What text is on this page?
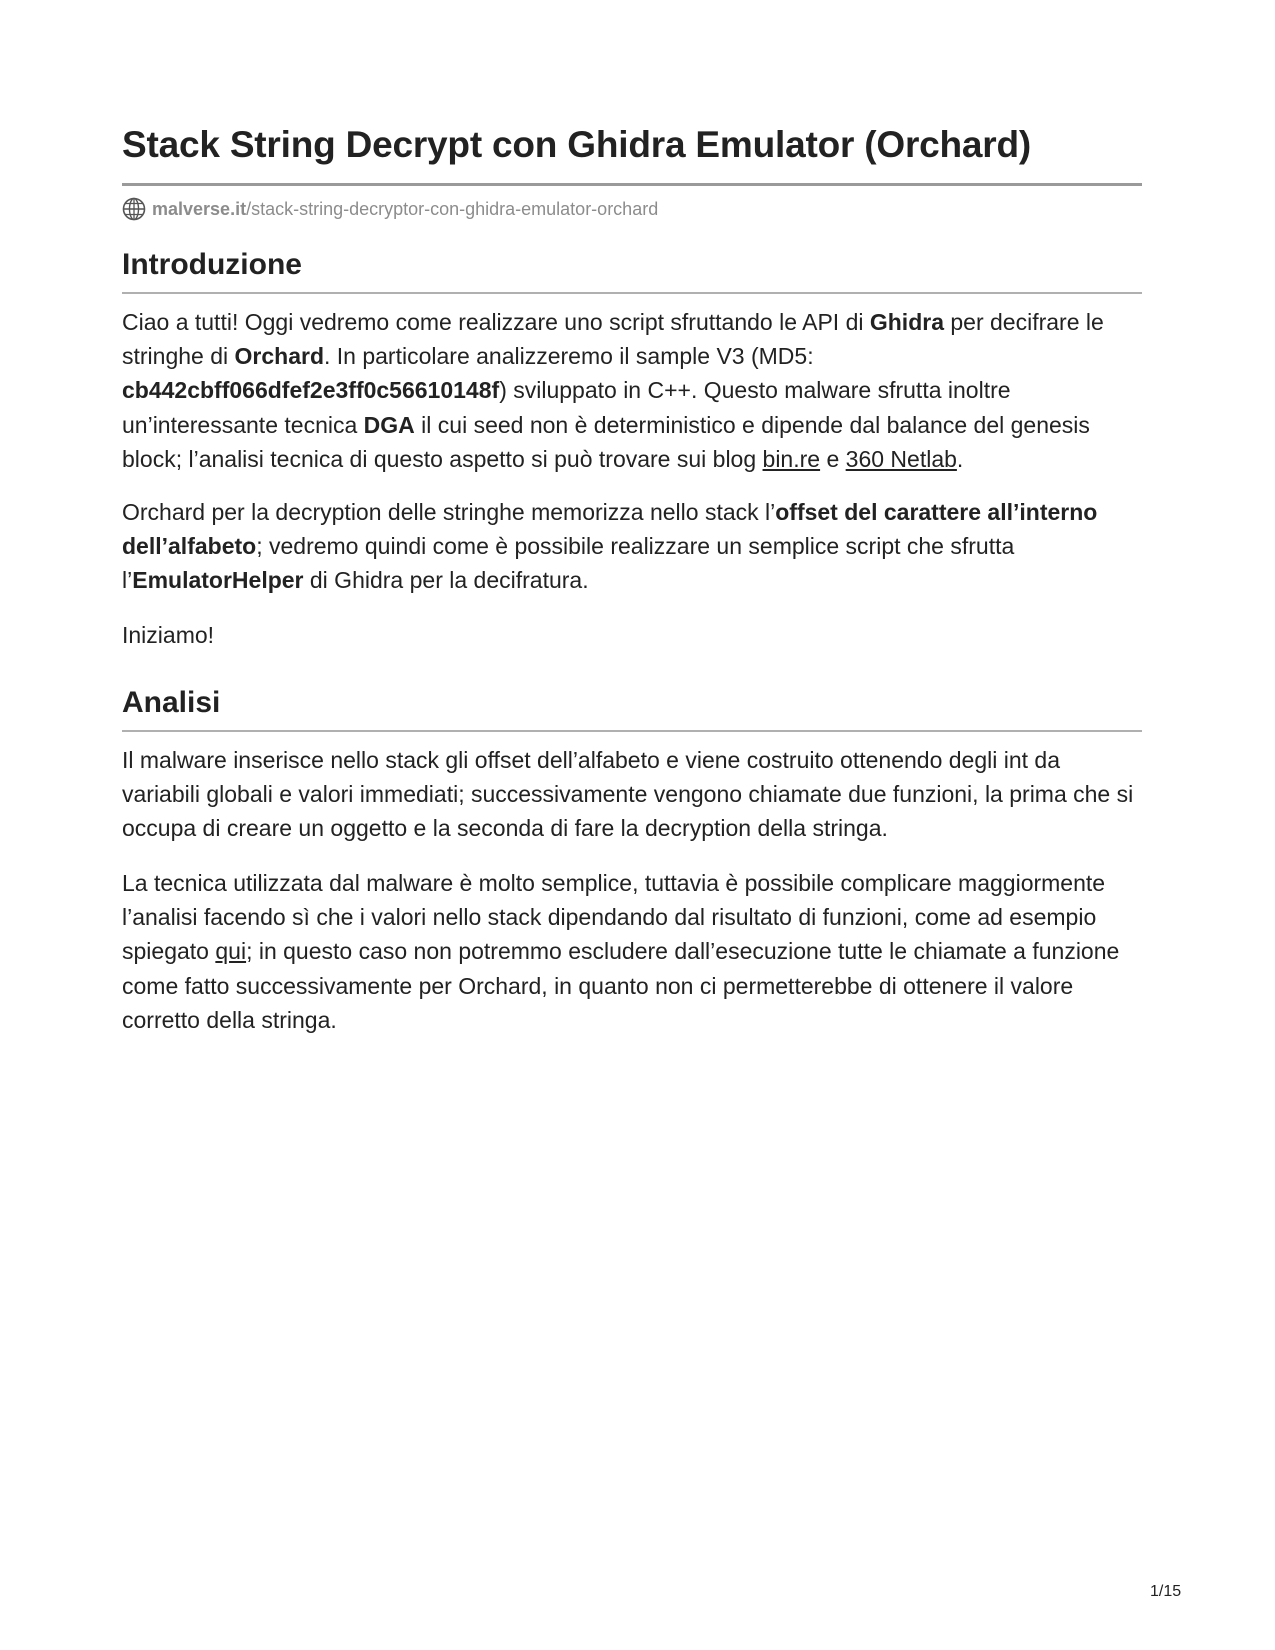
Stack String Decrypt con Ghidra Emulator (Orchard)
malverse.it /stack-string-decryptor-con-ghidra-emulator-orchard
Introduzione

Ciao a tutti! Oggi vedremo come realizzare uno script sfruttando le API di Ghidra per decifrare le stringhe di Orchard. In particolare analizzeremo il sample V3 (MD5: cb442cbff066dfef2e3ff0c56610148f) sviluppato in C++. Questo malware sfrutta inoltre un’interessante tecnica DGA il cui seed non è deterministico e dipende dal balance del genesis block; l’analisi tecnica di questo aspetto si può trovare sui blog bin.re e 360 Netlab.

Orchard per la decryption delle stringhe memorizza nello stack l’offset del carattere all’interno dell’alfabeto; vedremo quindi come è possibile realizzare un semplice script che sfrutta l’EmulatorHelper di Ghidra per la decifratura.

Iniziamo!

Analisi

Il malware inserisce nello stack gli offset dell’alfabeto e viene costruito ottenendo degli int da variabili globali e valori immediati; successivamente vengono chiamate due funzioni, la prima che si occupa di creare un oggetto e la seconda di fare la decryption della stringa.

La tecnica utilizzata dal malware è molto semplice, tuttavia è possibile complicare maggiormente l’analisi facendo sì che i valori nello stack dipendando dal risultato di funzioni, come ad esempio spiegato qui; in questo caso non potremmo escludere dall’esecuzione tutte le chiamate a funzione come fatto successivamente per Orchard, in quanto non ci permetterebbe di ottenere il valore corretto della stringa.

1/15
